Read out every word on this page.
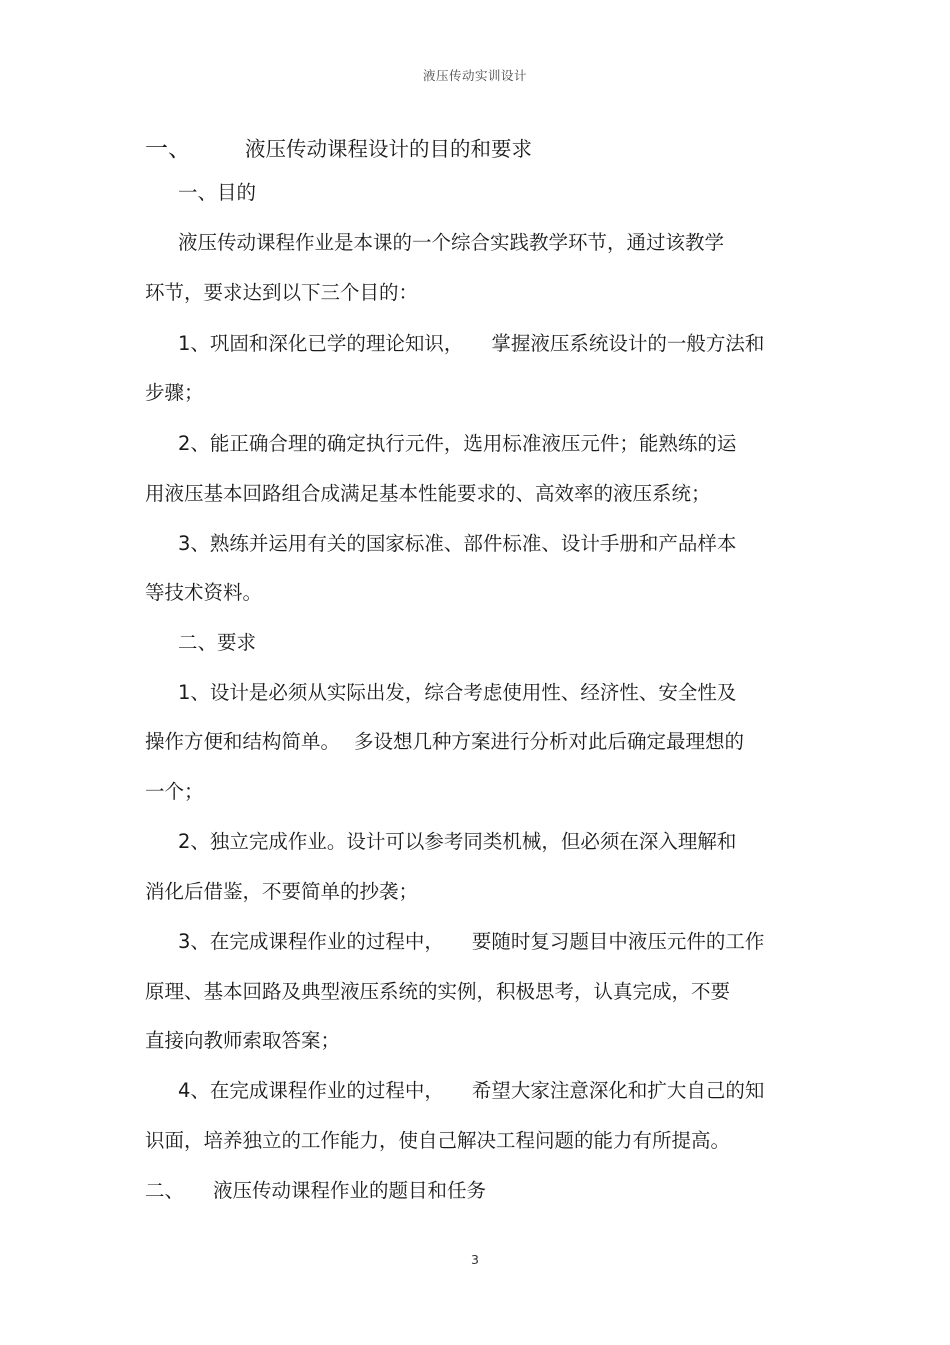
液压传动实训设计
一、	液压传动课程设计的目的和要求
一、目的
液压传动课程作业是本课的一个综合实践教学环节，通过该教学
环节，要求达到以下三个目的：
1、巩固和深化已学的理论知识， 掌握液压系统设计的一般方法和
步骤；
2、能正确合理的确定执行元件，选用标准液压元件；能熟练的运
用液压基本回路组合成满足基本性能要求的、高效率的液压系统；
3、熟练并运用有关的国家标准、部件标准、设计手册和产品样本
等技术资料。
二、要求
1、设计是必须从实际出发，综合考虑使用性、经济性、安全性及
操作方便和结构简单。 多设想几种方案进行分析对此后确定最理想的
一个；
2、独立完成作业。设计可以参考同类机械，但必须在深入理解和
消化后借鉴，不要简单的抄袭；
3、在完成课程作业的过程中， 要随时复习题目中液压元件的工作
原理、基本回路及典型液压系统的实例，积极思考，认真完成，不要
直接向教师索取答案；
4、在完成课程作业的过程中， 希望大家注意深化和扩大自己的知
识面，培养独立的工作能力，使自己解决工程问题的能力有所提高。
二、 液压传动课程作业的题目和任务
3
